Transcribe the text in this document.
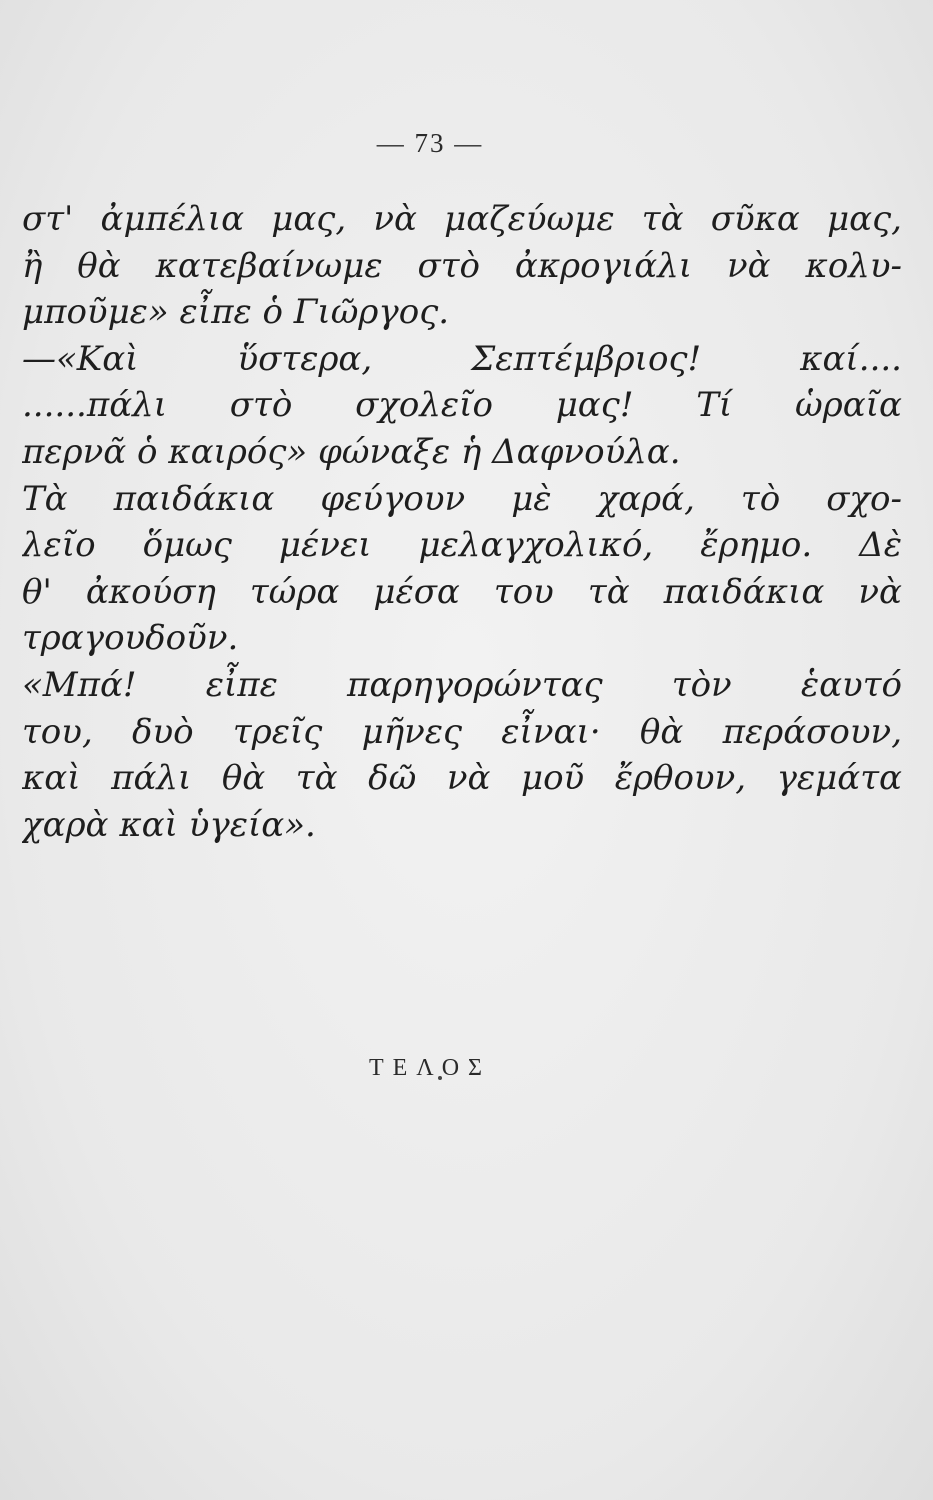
— 73 —
στ' ἀμπέλια μας, νὰ μαζεύωμε τὰ σῦκα μας,
ἢ θὰ κατεβαίνωμε στὸ ἀκρογιάλι νὰ κολυ-
μποῦμε» εἶπε ὁ Γιῶργος.
—«Καὶ ὕστερα, Σεπτέμβριος! καί....
......πάλι στὸ σχολεῖο μας! Τί ὡραῖα
περνᾶ ὁ καιρός» φώναξε ἡ Δαφνούλα.
Τὰ παιδάκια φεύγουν μὲ χαρά, τὸ σχο-
λεῖο ὅμως μένει μελαγχολικό, ἔρημο. Δὲ
θ' ἀκούση τώρα μέσα του τὰ παιδάκια νὰ
τραγουδοῦν.
«Μπά! εἶπε παρηγορώντας τὸν ἑαυτό
του, δυὸ τρεῖς μῆνες εἶναι· θὰ περάσουν,
καὶ πάλι θὰ τὰ δῶ νὰ μοῦ ἔρθουν, γεμάτα
χαρὰ καὶ ὑγεία».
ΤΕΛΟΣ
